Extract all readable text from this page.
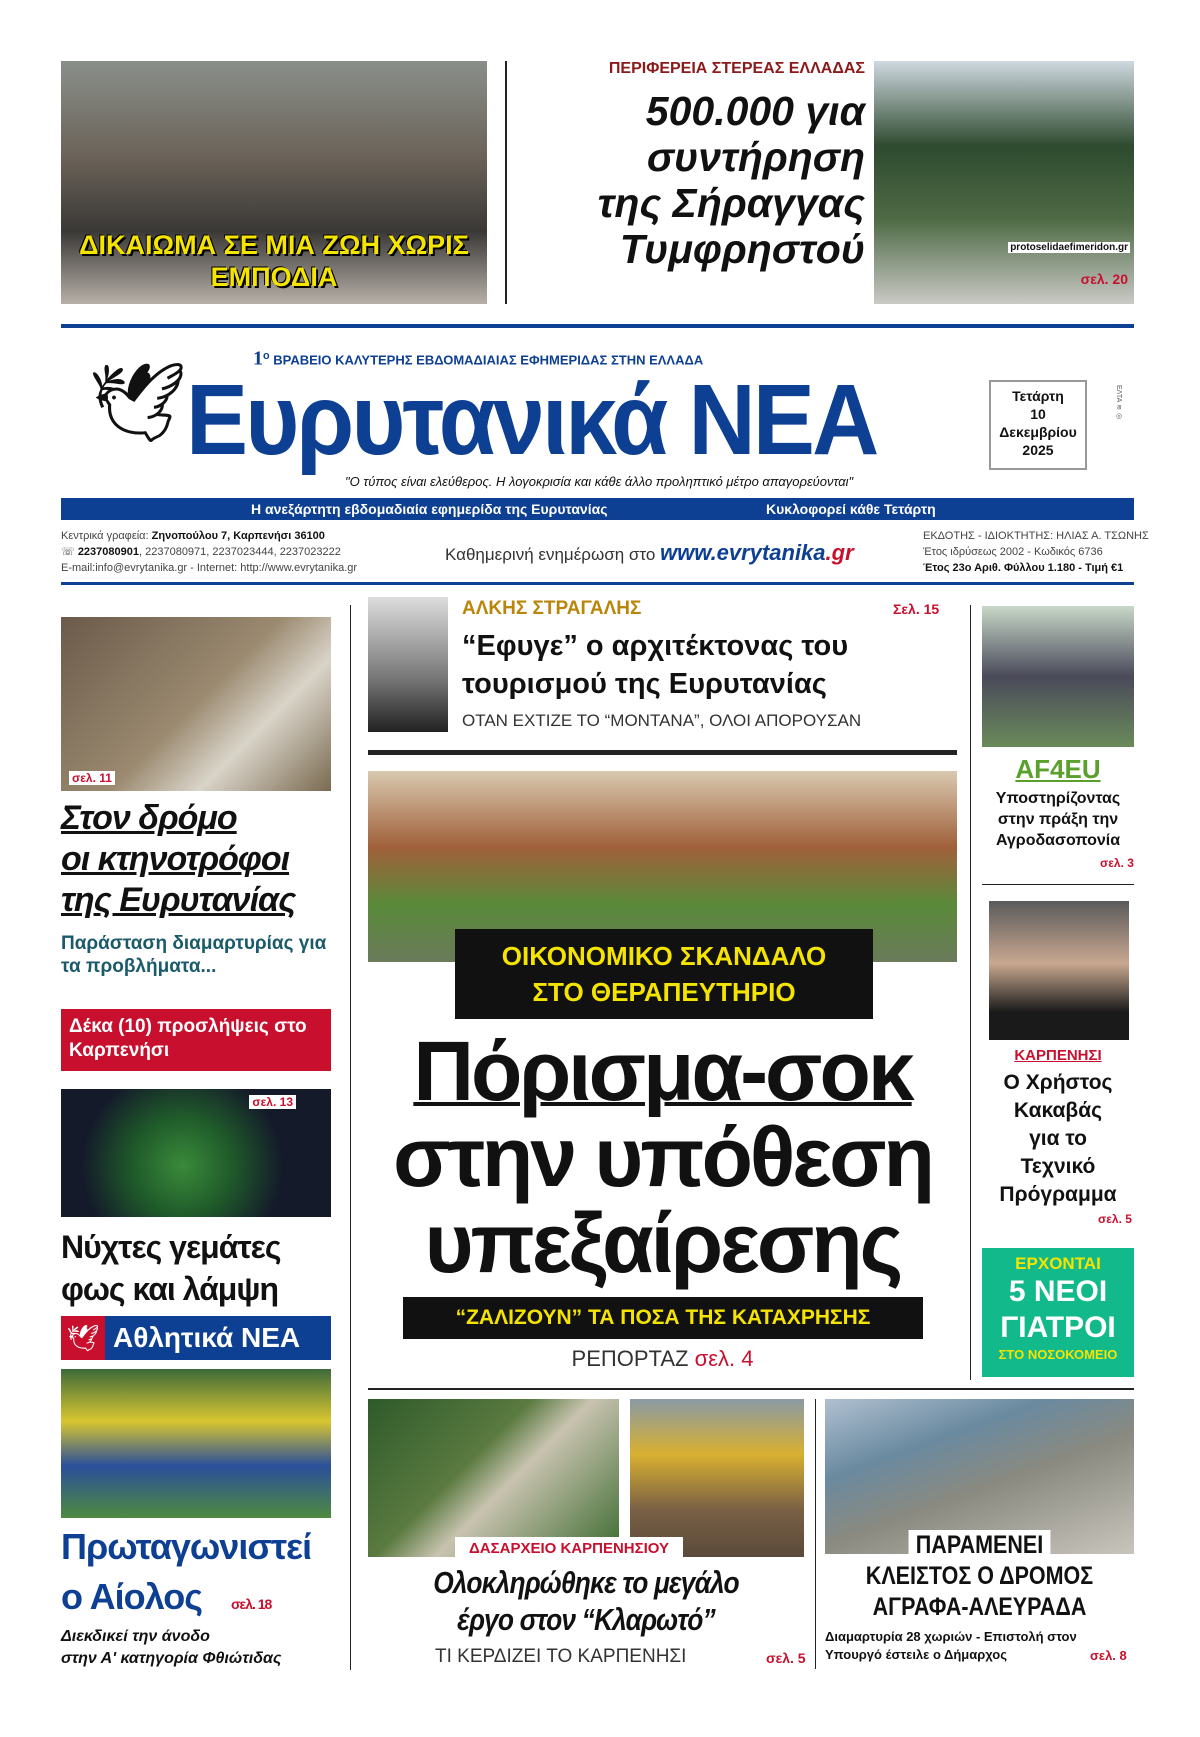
ΔΙΚΑΙΩΜΑ ΣΕ ΜΙΑ ΖΩΗ ΧΩΡΙΣ ΕΜΠΟΔΙΑ
ΠΕΡΙΦΕΡΕΙΑ ΣΤΕΡΕΑΣ ΕΛΛΑΔΑΣ
500.000 για
συντήρηση
της Σήραγγας
Τυμφρηστού	protoselidaefimeridon.gr
σελ. 20
🕊	$1^o$ ΒΡΑΒΕΙΟ ΚΑΛΥΤΕΡΗΣ ΕΒΔΟΜΑΔΙΑΙΑΣ ΕΦΗΜΕΡΙΔΑΣ ΣΤΗΝ ΕΛΛΑΔΑ
Ευρυτανικά ΝΕΑ
"Ο τύπος είναι ελεύθερος. Η λογοκρισία και κάθε άλλο προληπτικό μέτρο απαγορεύονται"
Τετάρτη
10
Δεκεμβρίου
2025
ΕΛΤΑ ≋ ◎
Η ανεξάρτητη εβδομαδιαία εφημερίδα της Ευρυτανίας	Κυκλοφορεί κάθε Τετάρτη
Κεντρικά γραφεία: Ζηνοπούλου 7, Καρπενήσι 36100
☏ 2237080901, 2237080971, 2237023444, 2237023222
E-mail:info@evrytanika.gr - Internet: http://www.evrytanika.gr
Καθημερινή ενημέρωση στο www.evrytanika.gr
ΕΚΔΟΤΗΣ - ΙΔΙΟΚΤΗΤΗΣ: ΗΛΙΑΣ Α. ΤΣΩΝΗΣ
Έτος ιδρύσεως 2002 - Κωδικός 6736
Έτος 23ο Αριθ. Φύλλου 1.180 - Τιμή €1
σελ. 11
Στον δρόμο
οι κτηνοτρόφοι
της Ευρυτανίας
Παράσταση διαμαρτυρίας για τα προβλήματα...
Δέκα (10) προσλήψεις στο Καρπενήσι
σελ. 13
Νύχτες γεμάτες
φως και λάμψη
🕊 Αθλητικά ΝΕΑ
Πρωταγωνιστεί
ο Αίολος σελ. 18
Διεκδικεί την άνοδο
στην Α' κατηγορία Φθιώτιδας
ΑΛΚΗΣ ΣΤΡΑΓΑΛΗΣ	Σελ. 15
“Εφυγε” ο αρχιτέκτονας του
τουρισμού της Ευρυτανίας
ΟΤΑΝ ΕΧΤΙΖΕ ΤΟ “ΜΟΝΤΑΝΑ”, ΟΛΟΙ ΑΠΟΡΟΥΣΑΝ
ΟΙΚΟΝΟΜΙΚΟ ΣΚΑΝΔΑΛΟ
ΣΤΟ ΘΕΡΑΠΕΥΤΗΡΙΟ
Πόρισμα-σοκ
στην υπόθεση
υπεξαίρεσης
“ΖΑΛΙΖΟΥΝ” ΤΑ ΠΟΣΑ ΤΗΣ ΚΑΤΑΧΡΗΣΗΣ
ΡΕΠΟΡΤΑΖ σελ. 4
ΔΑΣΑΡΧΕΙΟ ΚΑΡΠΕΝΗΣΙΟΥ
Ολοκληρώθηκε το μεγάλο
έργο στον “Κλαρωτό”
ΤΙ ΚΕΡΔΙΖΕΙ ΤΟ ΚΑΡΠΕΝΗΣΙ	σελ. 5
AF4EU
Υποστηρίζοντας
στην πράξη την
Αγροδασοπονία
σελ. 3
ΚΑΡΠΕΝΗΣΙ
Ο Χρήστος
Κακαβάς
για το
Τεχνικό
Πρόγραμμα
σελ. 5
ΕΡΧΟΝΤΑΙ
5 ΝΕΟΙ
ΓΙΑΤΡΟΙ
ΣΤΟ ΝΟΣΟΚΟΜΕΙΟ
ΠΑΡΑΜΕΝΕΙ
ΚΛΕΙΣΤΟΣ Ο ΔΡΟΜΟΣ
ΑΓΡΑΦΑ-ΑΛΕΥΡΑΔΑ
Διαμαρτυρία 28 χωριών - Επιστολή στον
Υπουργό έστειλε ο Δήμαρχος	σελ. 8
